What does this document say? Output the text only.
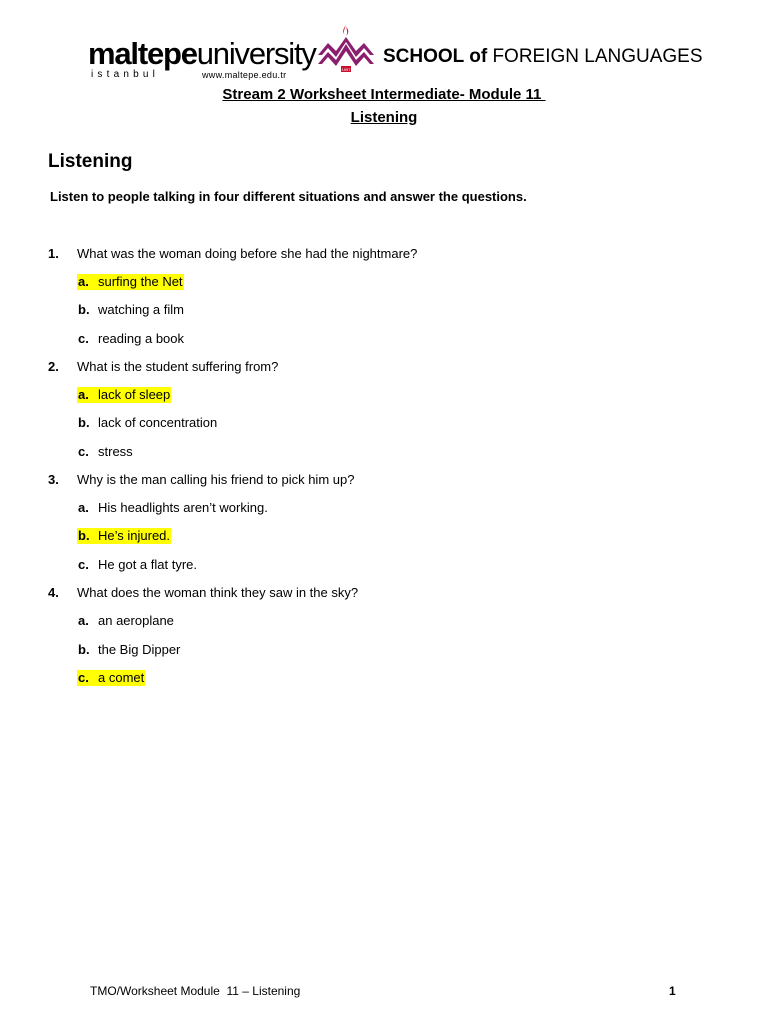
maltepeuniversity
istanbul	www.maltepe.edu.tr
1997
SCHOOL of FOREIGN LANGUAGES
Stream 2 Worksheet Intermediate- Module 11
Listening
Listening
Listen to people talking in four different situations and answer the questions.
1. What was the woman doing before she had the nightmare?
a. surfing the Net
b. watching a film
c. reading a book
2. What is the student suffering from?
a. lack of sleep
b. lack of concentration
c. stress
3. Why is the man calling his friend to pick him up?
a. His headlights aren’t working.
b. He’s injured.
c. He got a flat tyre.
4. What does the woman think they saw in the sky?
a. an aeroplane
b. the Big Dipper
c. a comet
TMO/Worksheet Module  11 – Listening	1
